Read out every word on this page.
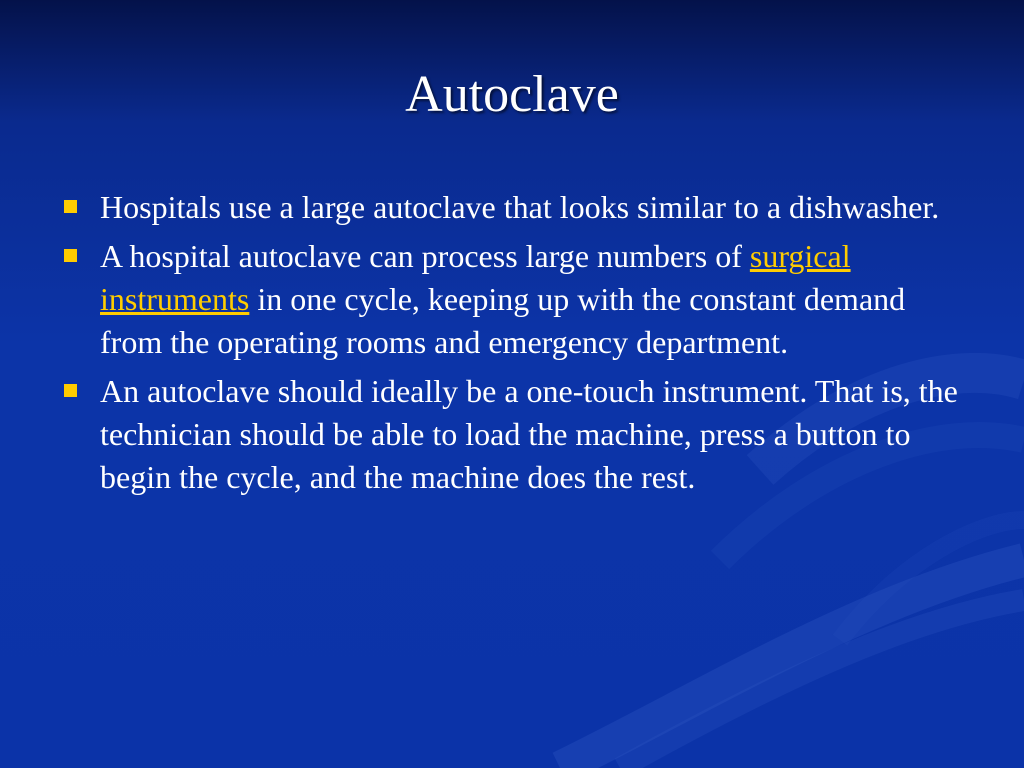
Autoclave
Hospitals use a large autoclave that looks similar to a dishwasher.
A hospital autoclave can process large numbers of surgical instruments in one cycle, keeping up with the constant demand from the operating rooms and emergency department.
An autoclave should ideally be a one-touch instrument. That is, the technician should be able to load the machine, press a button to begin the cycle, and the machine does the rest.
